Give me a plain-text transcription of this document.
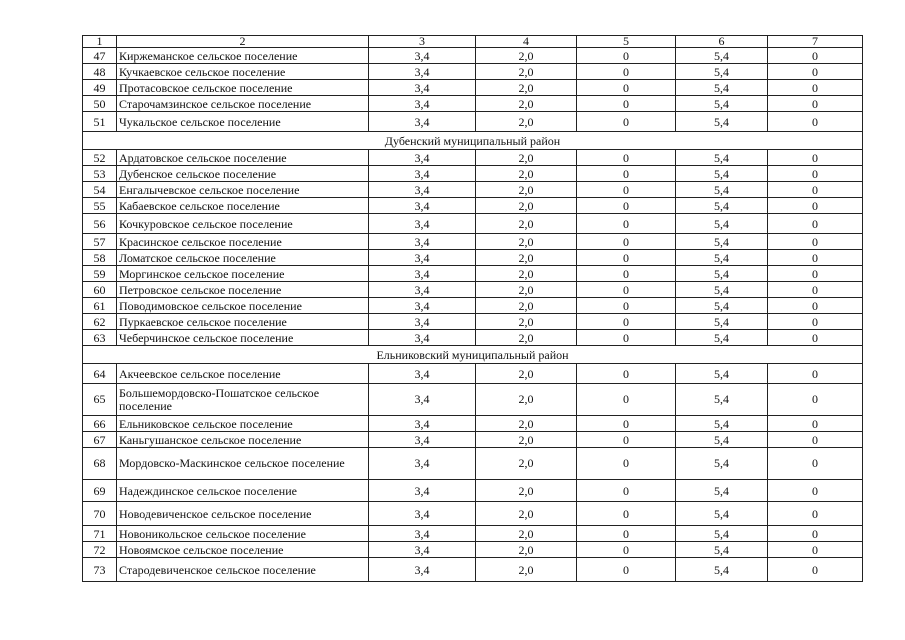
1	2	3	4	5	6	7
47	Киржеманское сельское поселение	3,4	2,0	0	5,4	0
48	Кучкаевское сельское поселение	3,4	2,0	0	5,4	0
49	Протасовское сельское поселение	3,4	2,0	0	5,4	0
50	Старочамзинское сельское поселение	3,4	2,0	0	5,4	0
51	Чукальское сельское поселение	3,4	2,0	0	5,4	0
Дубенский муниципальный район						
52	Ардатовское сельское поселение	3,4	2,0	0	5,4	0
53	Дубенское сельское поселение	3,4	2,0	0	5,4	0
54	Енгалычевское сельское поселение	3,4	2,0	0	5,4	0
55	Кабаевское сельское поселение	3,4	2,0	0	5,4	0
56	Кочкуровское сельское поселение	3,4	2,0	0	5,4	0
57	Красинское сельское поселение	3,4	2,0	0	5,4	0
58	Ломатское сельское поселение	3,4	2,0	0	5,4	0
59	Моргинское сельское поселение	3,4	2,0	0	5,4	0
60	Петровское сельское поселение	3,4	2,0	0	5,4	0
61	Поводимовское сельское поселение	3,4	2,0	0	5,4	0
62	Пуркаевское сельское поселение	3,4	2,0	0	5,4	0
63	Чеберчинское сельское поселение	3,4	2,0	0	5,4	0
Ельниковский муниципальный район						
64	Акчеевское сельское поселение	3,4	2,0	0	5,4	0
65	Большемордовско-Пошатское сельское поселение	3,4	2,0	0	5,4	0
66	Ельниковское сельское поселение	3,4	2,0	0	5,4	0
67	Каньгушанское сельское поселение	3,4	2,0	0	5,4	0
68	Мордовско-Маскинское сельское поселение	3,4	2,0	0	5,4	0
69	Надеждинское сельское поселение	3,4	2,0	0	5,4	0
70	Новодевиченское сельское поселение	3,4	2,0	0	5,4	0
71	Новоникольское сельское поселение	3,4	2,0	0	5,4	0
72	Новоямское сельское поселение	3,4	2,0	0	5,4	0
73	Стародевиченское сельское поселение	3,4	2,0	0	5,4	0
